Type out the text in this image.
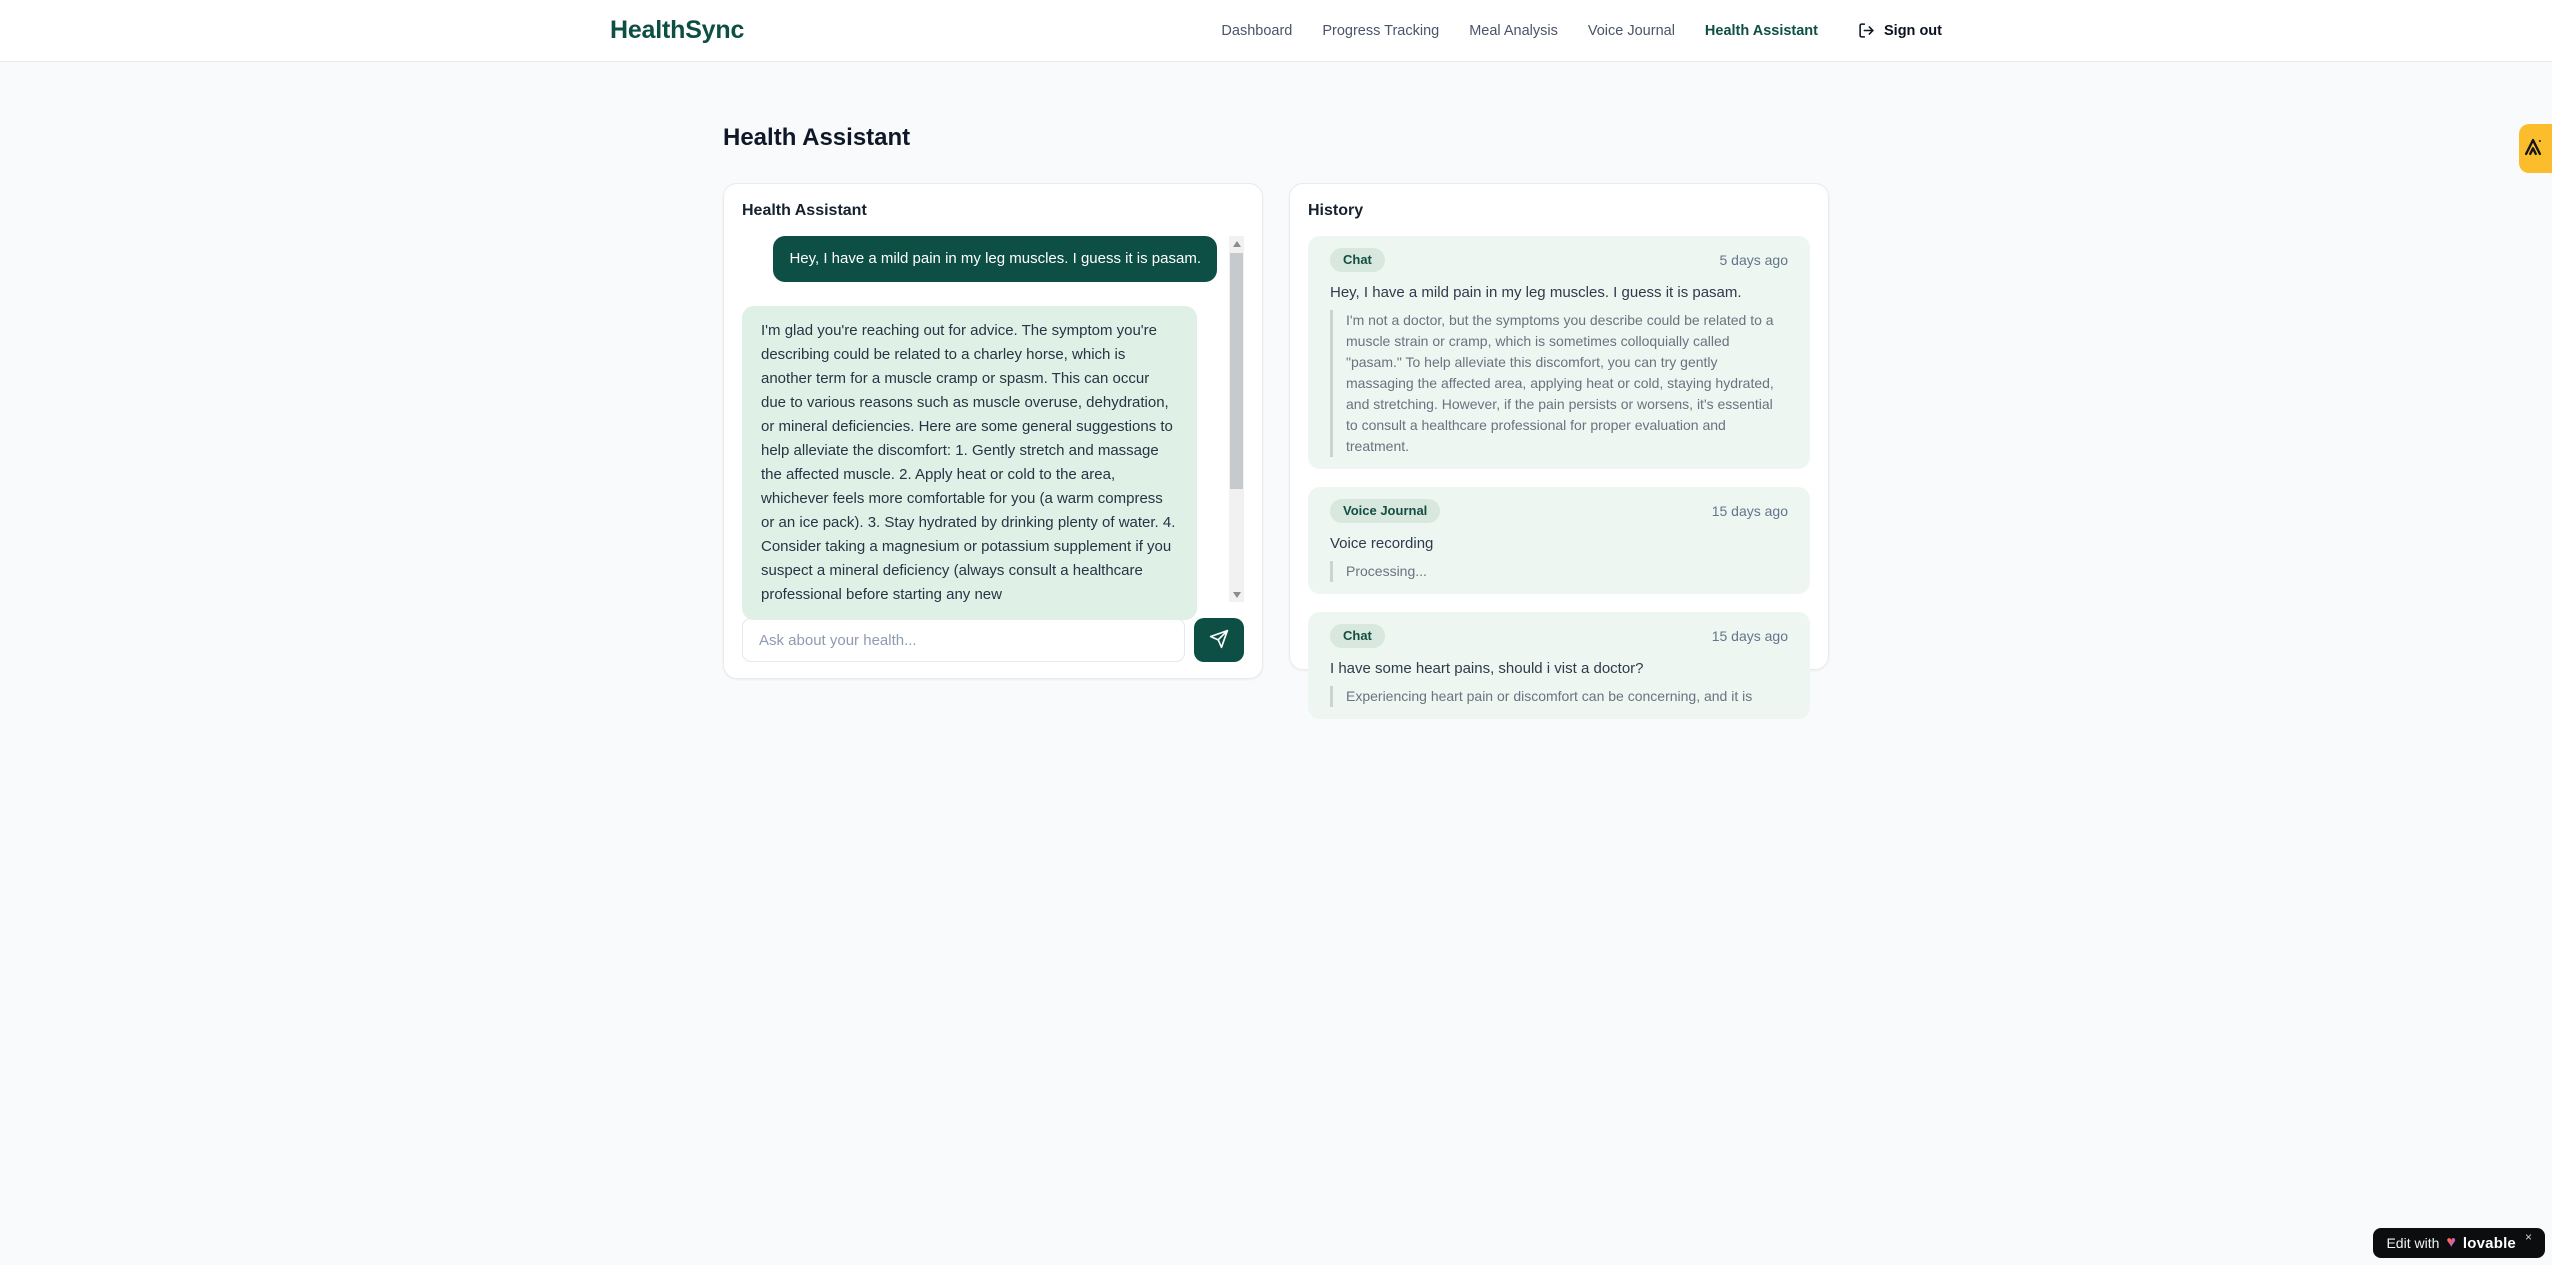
HealthSync	Dashboard Progress Tracking Meal Analysis Voice Journal Health Assistant	Sign out
Health Assistant
Health Assistant
Hey, I have a mild pain in my leg muscles. I guess it is pasam.
I'm glad you're reaching out for advice. The symptom you're describing could be related to a charley horse, which is another term for a muscle cramp or spasm. This can occur due to various reasons such as muscle overuse, dehydration, or mineral deficiencies. Here are some general suggestions to help alleviate the discomfort: 1. Gently stretch and massage the affected muscle. 2. Apply heat or cold to the area, whichever feels more comfortable for you (a warm compress or an ice pack). 3. Stay hydrated by drinking plenty of water. 4. Consider taking a magnesium or potassium supplement if you suspect a mineral deficiency (always consult a healthcare professional before starting any new
Ask about your health...
History
Chat	5 days ago
Hey, I have a mild pain in my leg muscles. I guess it is pasam.
I'm not a doctor, but the symptoms you describe could be related to a muscle strain or cramp, which is sometimes colloquially called "pasam." To help alleviate this discomfort, you can try gently massaging the affected area, applying heat or cold, staying hydrated, and stretching. However, if the pain persists or worsens, it's essential to consult a healthcare professional for proper evaluation and treatment.
Voice Journal	15 days ago
Voice recording
Processing...
Chat	15 days ago
I have some heart pains, should i vist a doctor?
Experiencing heart pain or discomfort can be concerning, and it is
Edit with ♥ lovable ×
